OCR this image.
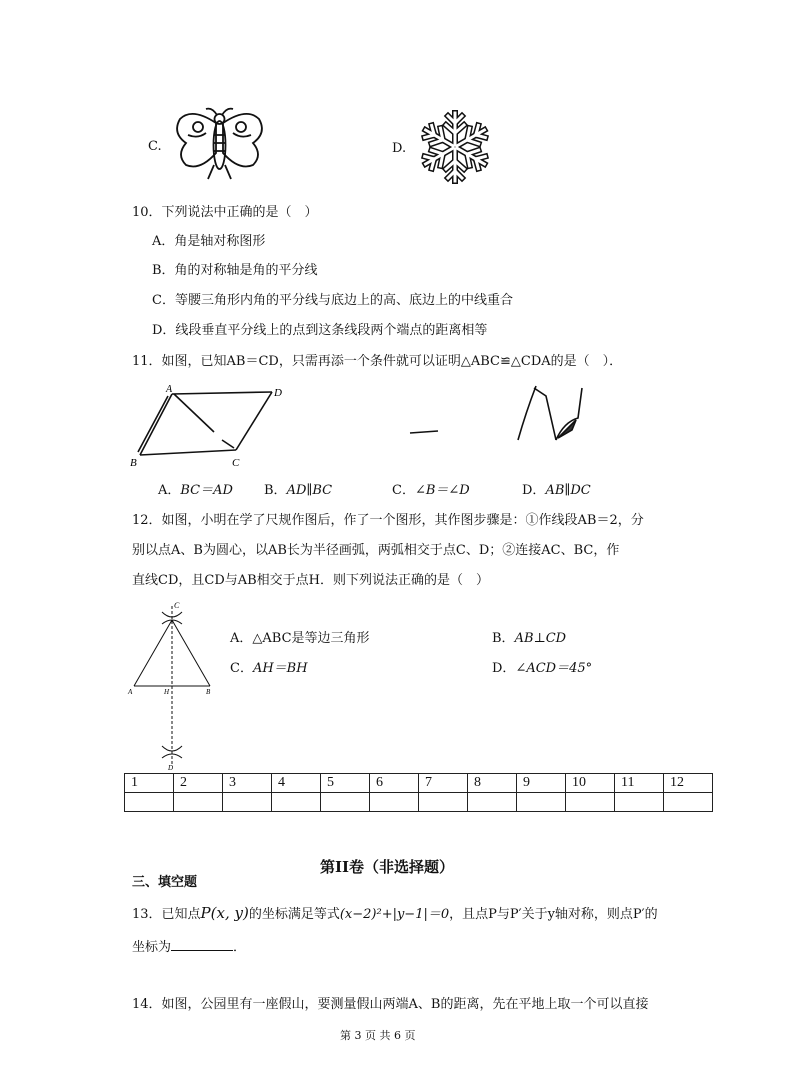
C.	D.
10．下列说法中正确的是（　）
A．角是轴对称图形
B．角的对称轴是角的平分线
C．等腰三角形内角的平分线与底边上的高、底边上的中线重合
D．线段垂直平分线上的点到这条线段两个端点的距离相等
11．如图，已知AB＝CD，只需再添一个条件就可以证明△ABC≌△CDA的是（　）．
A	D
B	C
A．BC＝AD B．AD∥BC	C．∠B＝∠D	D．AB∥DC
12．如图，小明在学了尺规作图后，作了一个图形，其作图步骤是：①作线段AB＝2，分
别以点A、B为圆心，以AB长为半径画弧，两弧相交于点C、D；②连接AC、BC，作
直线CD，且CD与AB相交于点H．则下列说法正确的是（　）
C
A	H	B
D
A．△ABC是等边三角形	B．AB⊥CD
C．AH＝BH	D．∠ACD＝45°
1	2	3	4	5	6	7	8	9	10	11	12

第II卷（非选择题）
三、填空题
13．已知点P(x, y)的坐标满足等式(x−2)²+|y−1|＝0，且点P与P′关于y轴对称，则点P′的
坐标为	．
14．如图，公园里有一座假山，要测量假山两端A、B的距离，先在平地上取一个可以直接
第 3 页 共 6 页
